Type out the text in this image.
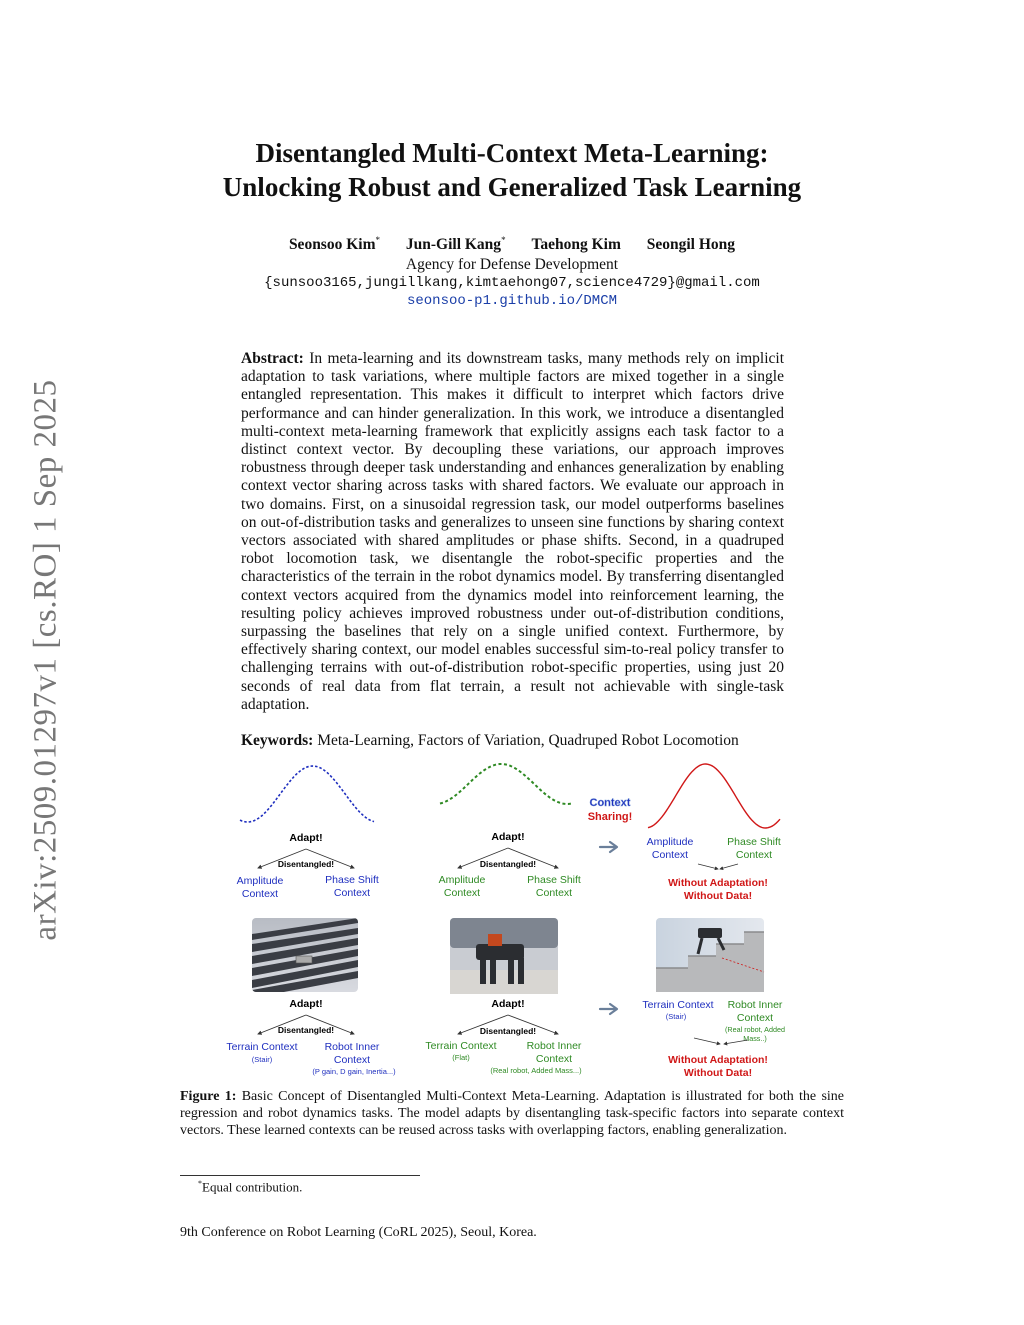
arXiv:2509.01297v1 [cs.RO] 1 Sep 2025
Disentangled Multi-Context Meta-Learning:
Unlocking Robust and Generalized Task Learning
Seonsoo Kim* Jun-Gill Kang* Taehong Kim Seongil Hong
Agency for Defense Development
{sunsoo3165,jungillkang,kimtaehong07,science4729}@gmail.com
seonsoo-p1.github.io/DMCM
Abstract: In meta-learning and its downstream tasks, many methods rely on implicit adaptation to task variations, where multiple factors are mixed together in a single entangled representation. This makes it difficult to interpret which factors drive performance and can hinder generalization. In this work, we introduce a disentangled multi-context meta-learning framework that explicitly assigns each task factor to a distinct context vector. By decoupling these variations, our approach improves robustness through deeper task understanding and enhances generalization by enabling context vector sharing across tasks with shared factors. We evaluate our approach in two domains. First, on a sinusoidal regression task, our model outperforms baselines on out-of-distribution tasks and generalizes to unseen sine functions by sharing context vectors associated with shared amplitudes or phase shifts. Second, in a quadruped robot locomotion task, we disentangle the robot-specific properties and the characteristics of the terrain in the robot dynamics model. By transferring disentangled context vectors acquired from the dynamics model into reinforcement learning, the resulting policy achieves improved robustness under out-of-distribution conditions, surpassing the baselines that rely on a single unified context. Furthermore, by effectively sharing context, our model enables successful sim-to-real policy transfer to challenging terrains with out-of-distribution robot-specific properties, using just 20 seconds of real data from flat terrain, a result not achievable with single-task adaptation.
Keywords: Meta-Learning, Factors of Variation, Quadruped Robot Locomotion
Adapt!
Disentangled!
Amplitude Context
Phase Shift Context
Adapt!
Disentangled!
Amplitude Context
Phase Shift Context
Context
Sharing!
Amplitude Context
Phase Shift Context
Without Adaptation!
Without Data!
Adapt!
Disentangled!
Terrain Context
(Stair)
Robot Inner Context
(P gain, D gain, Inertia...)
Adapt!
Disentangled!
Terrain Context
(Flat)
Robot Inner Context
(Real robot, Added Mass...)
Terrain Context
(Stair)
Robot Inner Context
(Real robot, Added Mass..)
Without Adaptation!
Without Data!
Figure 1: Basic Concept of Disentangled Multi-Context Meta-Learning. Adaptation is illustrated for both the sine regression and robot dynamics tasks. The model adapts by disentangling task-specific factors into separate context vectors. These learned contexts can be reused across tasks with overlapping factors, enabling generalization.
*Equal contribution.
9th Conference on Robot Learning (CoRL 2025), Seoul, Korea.
